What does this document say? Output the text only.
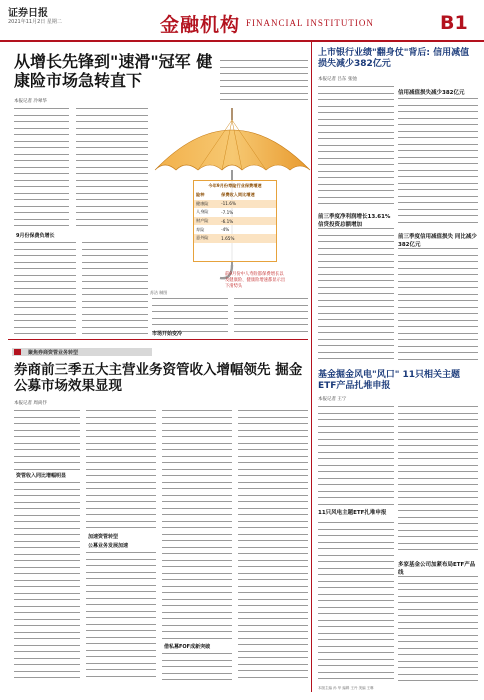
证券日报
2021年11月2日 星期二	金融机构 FINANCIAL INSTITUTION	B1
从增长先锋到"速滑"冠军 健康险市场急转直下
本报记者 冷翠华
9月份保费负增长
市场开始变冷
今年9月份寿险行业保费增速
险种	保费收入同比增速
健康险	-11.6%
人身险	-7.1%
财产险	-6.1%
寿险	-4%
意外险	1.65%
前9月份中人寿险都保费增长以及健康险、健康险增速都显示出下滑势头
苏洁 制图
聚焦券商资管业务转型
券商前三季五大主营业务资管收入增幅领先 掘金公募市场效果显现
本报记者 周尚伃
资管收入同比增幅明显
加速资管转型
公募业务发展加速
借私募FOF成新突破
上市银行业绩"翻身仗"背后: 信用减值损失减少382亿元
本报记者 吕东 张弛
信用减值损失减少382亿元
前三季度净利润增长13.61% 信贷投资总额增加
前三季度信用减值损失 同比减少382亿元
基金掘金风电"风口" 11只相关主题ETF产品扎堆申报
本报记者 王宁
11只风电主题ETF扎堆申报
多家基金公司加紧布局ETF产品线
本版主编 孙 华 编辑 王丹 美编 王琳
